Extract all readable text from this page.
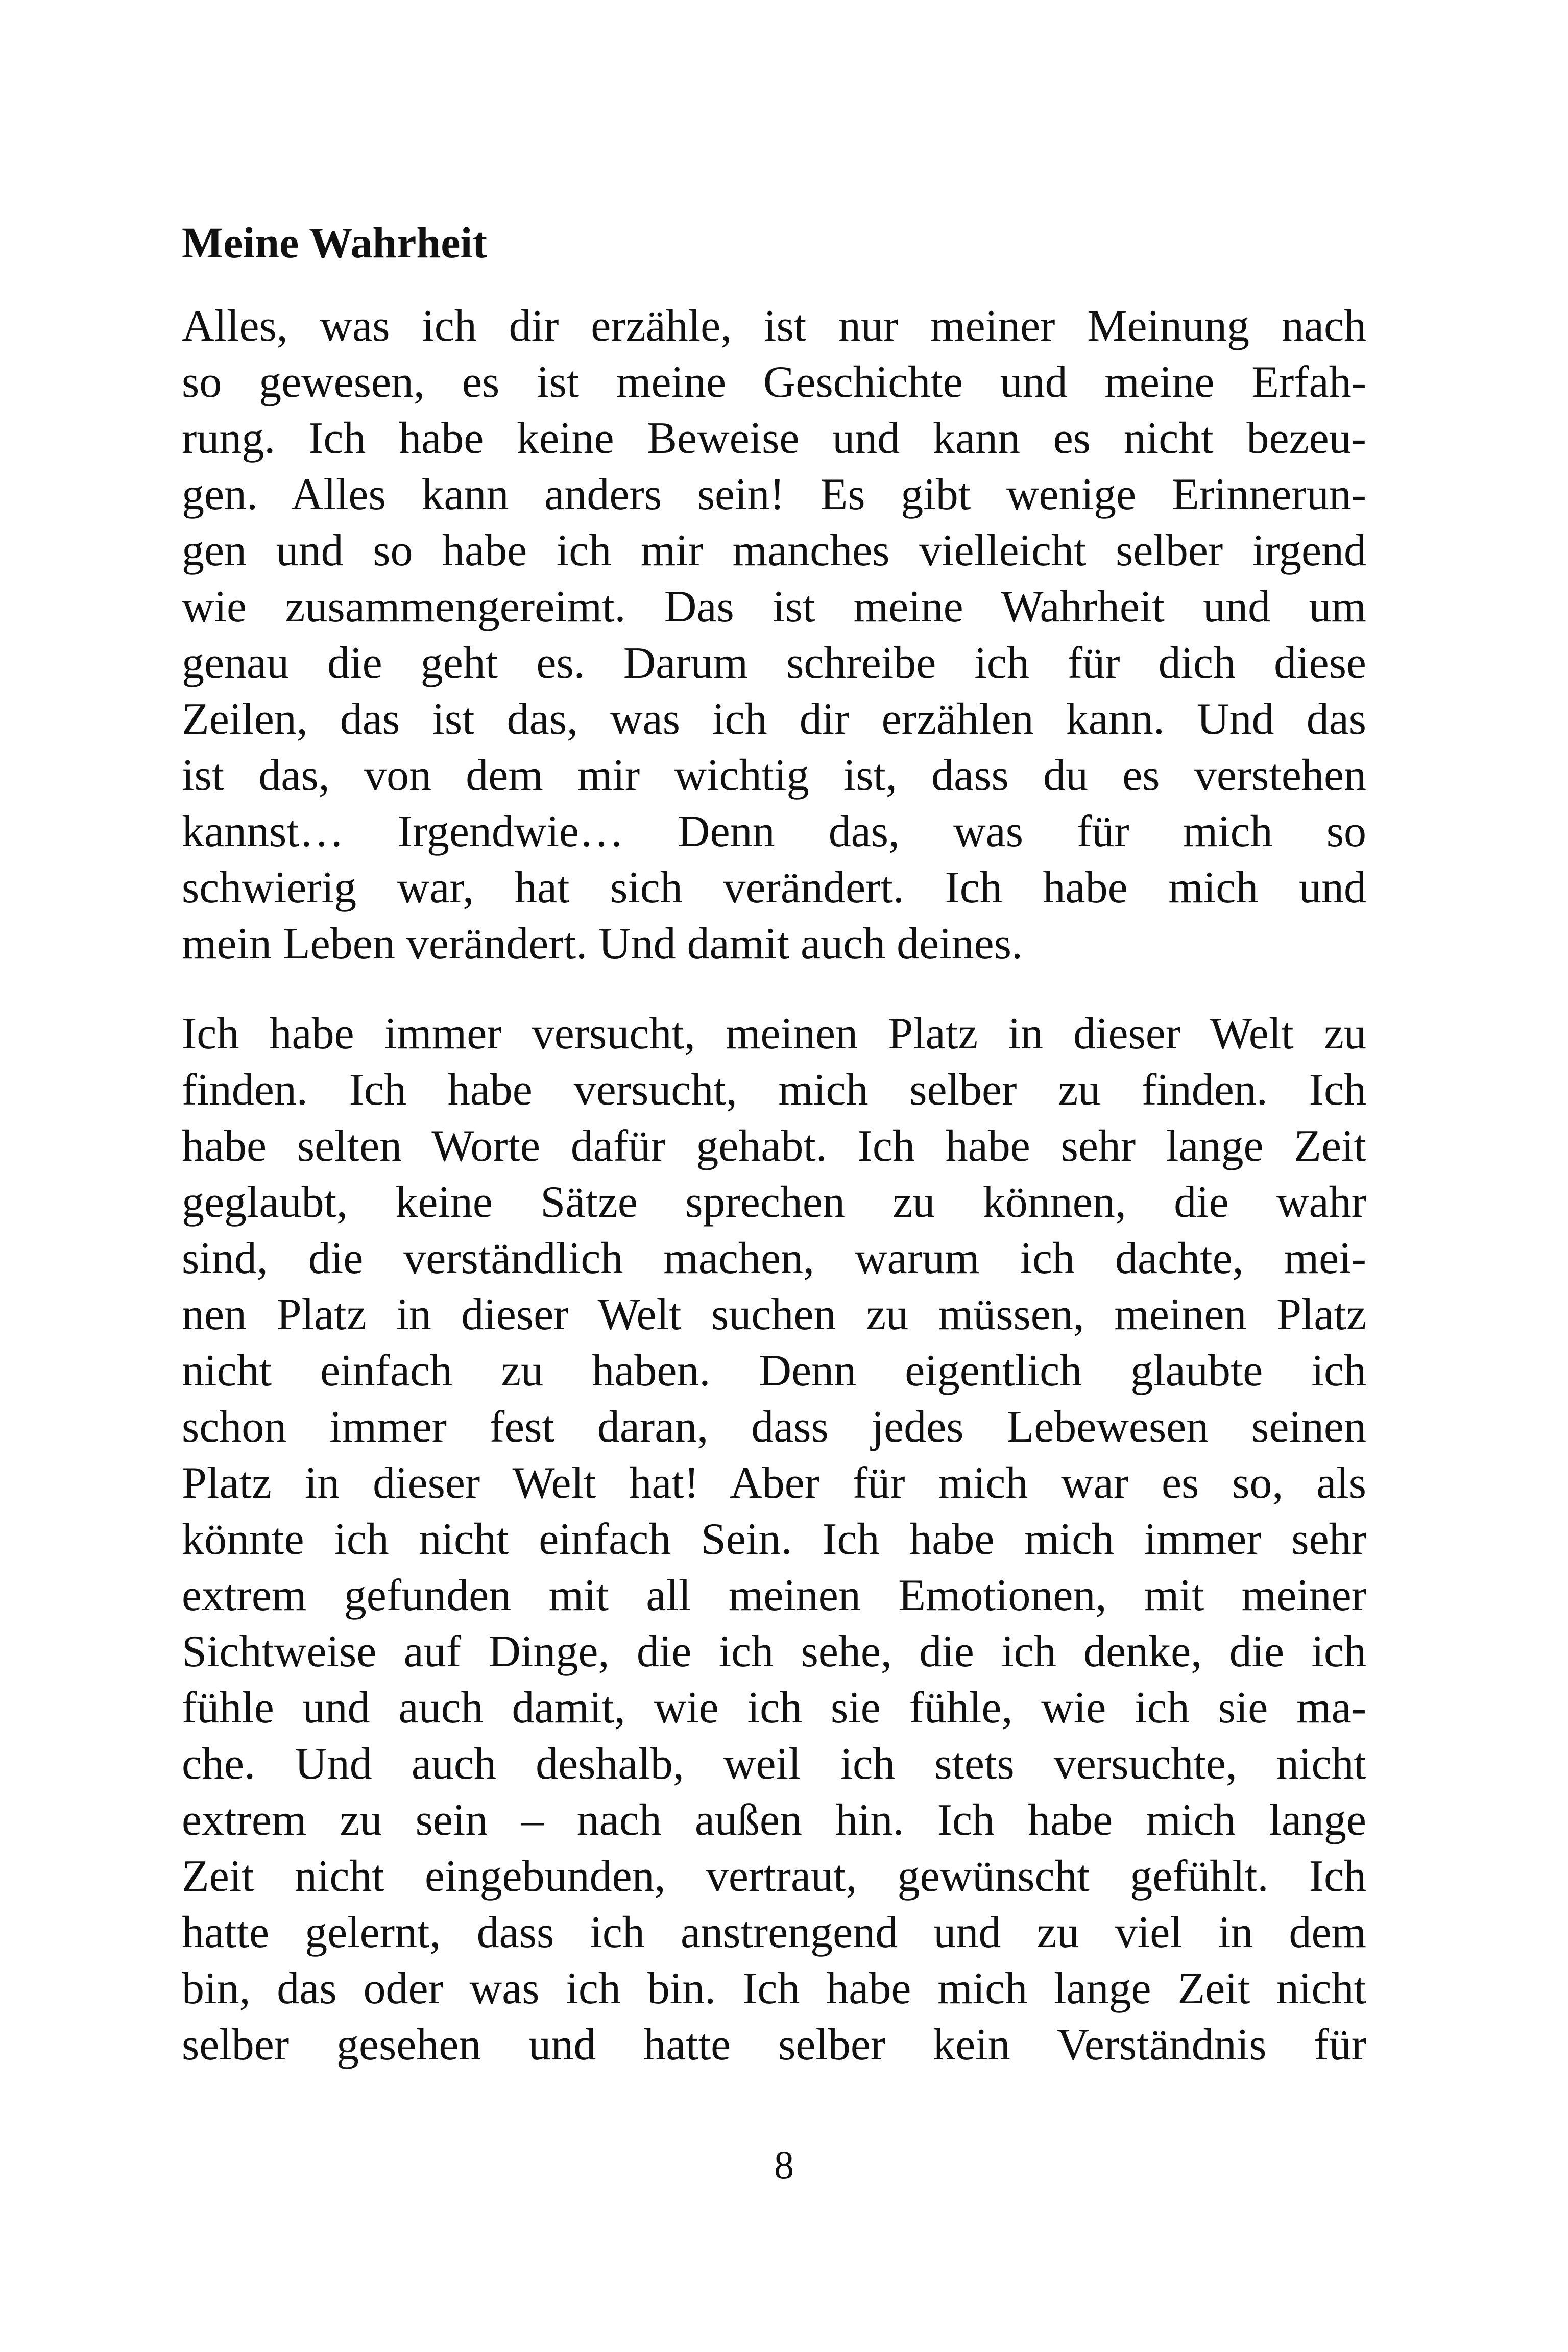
Meine Wahrheit

Alles, was ich dir erzähle, ist nur meiner Meinung nach
so gewesen, es ist meine Geschichte und meine Erfah-
rung. Ich habe keine Beweise und kann es nicht bezeu-
gen. Alles kann anders sein! Es gibt wenige Erinnerun-
gen und so habe ich mir manches vielleicht selber irgend
wie zusammengereimt. Das ist meine Wahrheit und um
genau die geht es. Darum schreibe ich für dich diese
Zeilen, das ist das, was ich dir erzählen kann. Und das
ist das, von dem mir wichtig ist, dass du es verstehen
kannst… Irgendwie… Denn das, was für mich so
schwierig war, hat sich verändert. Ich habe mich und
mein Leben verändert. Und damit auch deines.

Ich habe immer versucht, meinen Platz in dieser Welt zu
finden. Ich habe versucht, mich selber zu finden. Ich
habe selten Worte dafür gehabt. Ich habe sehr lange Zeit
geglaubt, keine Sätze sprechen zu können, die wahr
sind, die verständlich machen, warum ich dachte, mei-
nen Platz in dieser Welt suchen zu müssen, meinen Platz
nicht einfach zu haben. Denn eigentlich glaubte ich
schon immer fest daran, dass jedes Lebewesen seinen
Platz in dieser Welt hat! Aber für mich war es so, als
könnte ich nicht einfach Sein. Ich habe mich immer sehr
extrem gefunden mit all meinen Emotionen, mit meiner
Sichtweise auf Dinge, die ich sehe, die ich denke, die ich
fühle und auch damit, wie ich sie fühle, wie ich sie ma-
che. Und auch deshalb, weil ich stets versuchte, nicht
extrem zu sein – nach außen hin. Ich habe mich lange
Zeit nicht eingebunden, vertraut, gewünscht gefühlt. Ich
hatte gelernt, dass ich anstrengend und zu viel in dem
bin, das oder was ich bin. Ich habe mich lange Zeit nicht
selber gesehen und hatte selber kein Verständnis für

8
